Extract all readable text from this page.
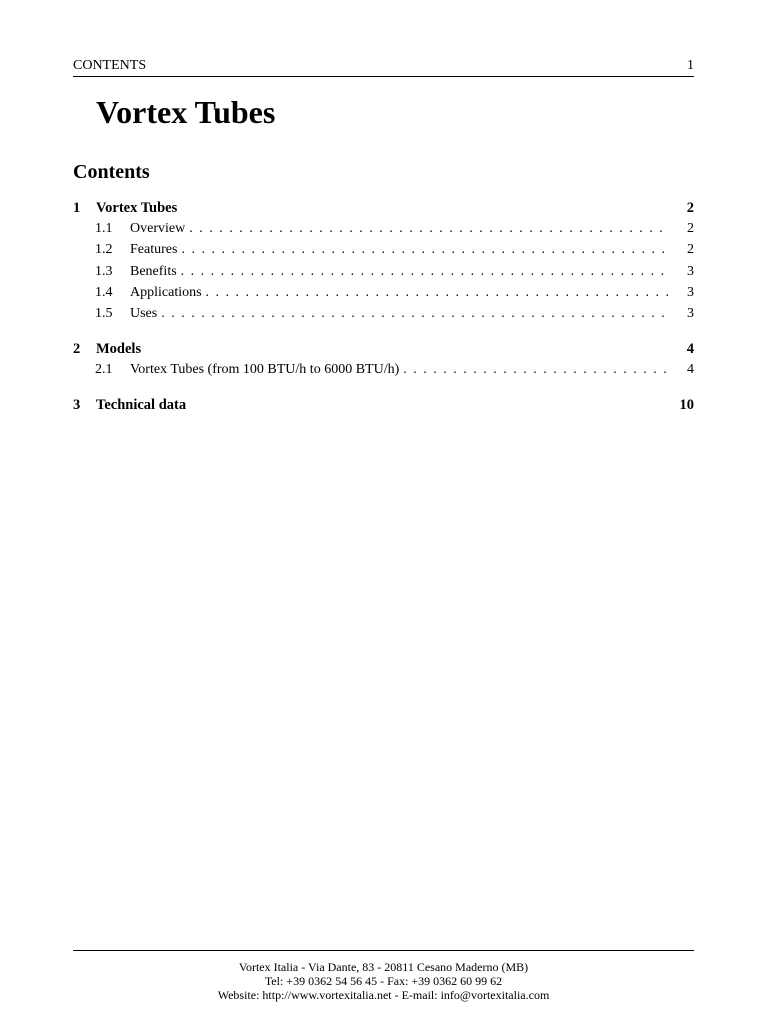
CONTENTS	1
Vortex Tubes
Contents
1	Vortex Tubes	2
1.1	Overview . . .	2
1.2	Features . . .	2
1.3	Benefits . . .	3
1.4	Applications . . .	3
1.5	Uses . . .	3
2	Models	4
2.1	Vortex Tubes (from 100 BTU/h to 6000 BTU/h) . . .	4
3	Technical data	10
Vortex Italia - Via Dante, 83 - 20811 Cesano Maderno (MB)
Tel: +39 0362 54 56 45 - Fax: +39 0362 60 99 62
Website: http://www.vortexitalia.net - E-mail: info@vortexitalia.com
